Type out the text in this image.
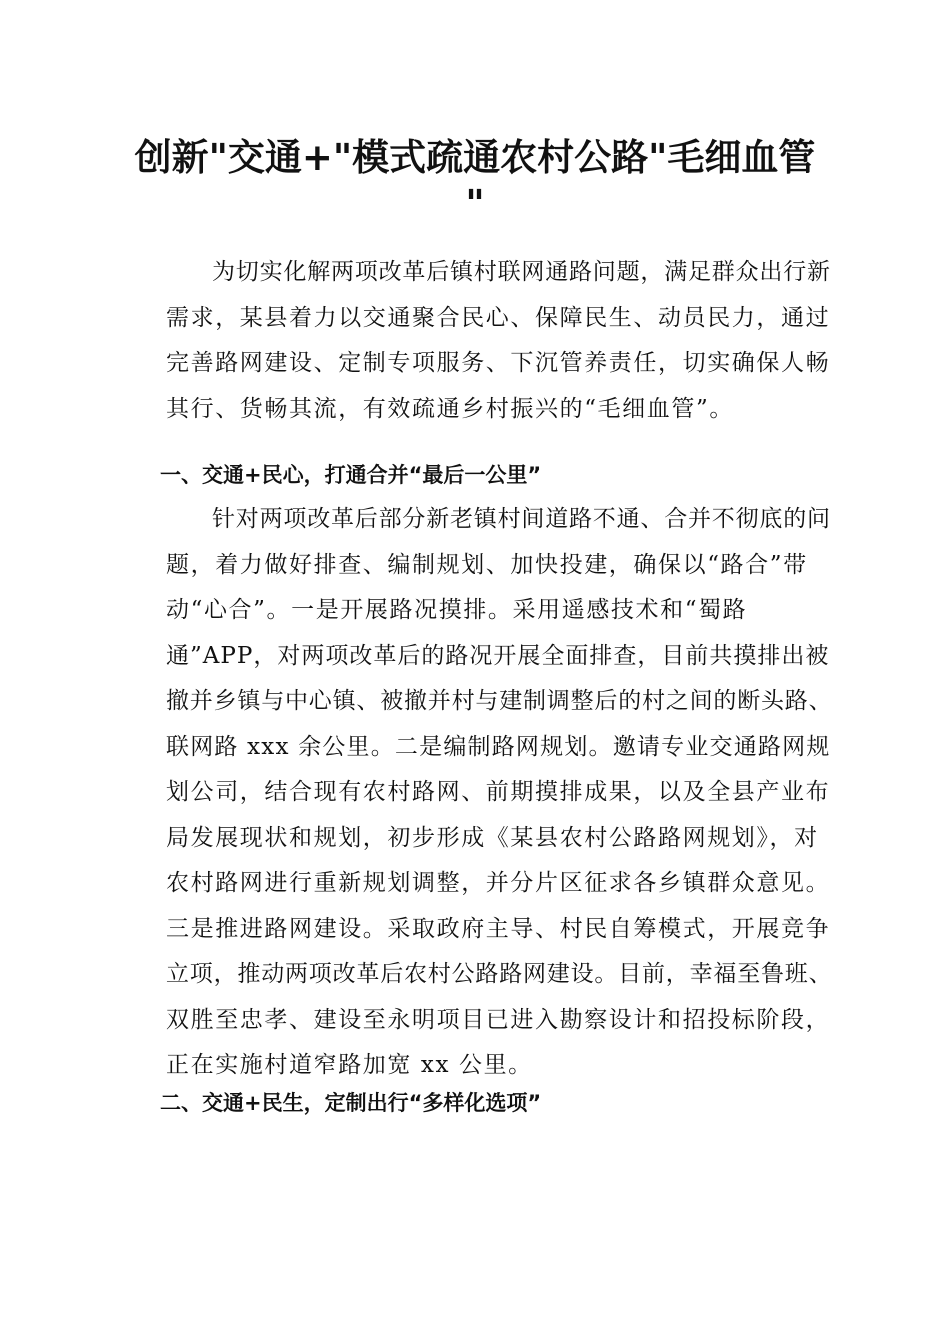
创新"交通+"模式疏通农村公路"毛细血管
"
为切实化解两项改革后镇村联网通路问题，满足群众出行新
需求，某县着力以交通聚合民心、保障民生、动员民力，通过
完善路网建设、定制专项服务、下沉管养责任，切实确保人畅
其行、货畅其流，有效疏通乡村振兴的“毛细血管”。
一、交通+民心，打通合并“最后一公里”
针对两项改革后部分新老镇村间道路不通、合并不彻底的问
题，着力做好排查、编制规划、加快投建，确保以“路合”带
动“心合”。一是开展路况摸排。采用遥感技术和“蜀路
通”APP，对两项改革后的路况开展全面排查，目前共摸排出被
撤并乡镇与中心镇、被撤并村与建制调整后的村之间的断头路、
联网路 xxx 余公里。二是编制路网规划。邀请专业交通路网规
划公司，结合现有农村路网、前期摸排成果，以及全县产业布
局发展现状和规划，初步形成《某县农村公路路网规划》，对
农村路网进行重新规划调整，并分片区征求各乡镇群众意见。
三是推进路网建设。采取政府主导、村民自筹模式，开展竞争
立项，推动两项改革后农村公路路网建设。目前，幸福至鲁班、
双胜至忠孝、建设至永明项目已进入勘察设计和招投标阶段，
正在实施村道窄路加宽 xx 公里。
二、交通+民生，定制出行“多样化选项”
